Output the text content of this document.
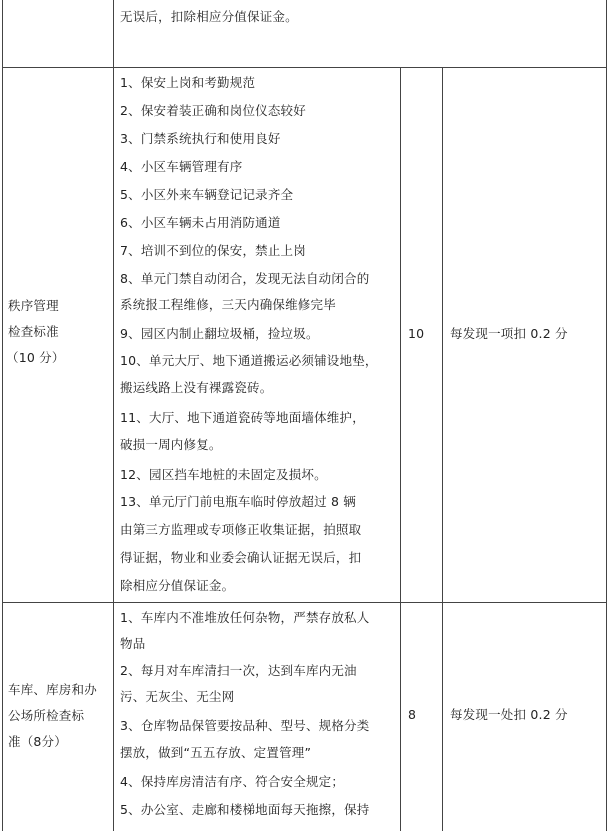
无误后，扣除相应分值保证金。
秩序管理
检查标准
（10 分）
1、保安上岗和考勤规范
2、保安着装正确和岗位仪态较好
3、门禁系统执行和使用良好
4、小区车辆管理有序
5、小区外来车辆登记记录齐全
6、小区车辆未占用消防通道
7、培训不到位的保安，禁止上岗
8、单元门禁自动闭合，发现无法自动闭合的
系统报工程维修，三天内确保维修完毕
9、园区内制止翻垃圾桶，捡垃圾。
10、单元大厅、地下通道搬运必须铺设地垫，
搬运线路上没有裸露瓷砖。
11、大厅、地下通道瓷砖等地面墙体维护，
破损一周内修复。
12、园区挡车地桩的未固定及损坏。
13、单元厅门前电瓶车临时停放超过 8 辆
由第三方监理或专项修正收集证据，拍照取
得证据，物业和业委会确认证据无误后，扣
除相应分值保证金。
10 每发现一项扣 0.2 分
车库、库房和办
公场所检查标
准（8分）
1、车库内不准堆放任何杂物，严禁存放私人
物品
2、每月对车库清扫一次，达到车库内无油
污、无灰尘、无尘网
3、仓库物品保管要按品种、型号、规格分类
摆放，做到“五五存放、定置管理”
4、保持库房清洁有序、符合安全规定；
5、办公室、走廊和楼梯地面每天拖擦，保持
8	每发现一处扣 0.2 分
